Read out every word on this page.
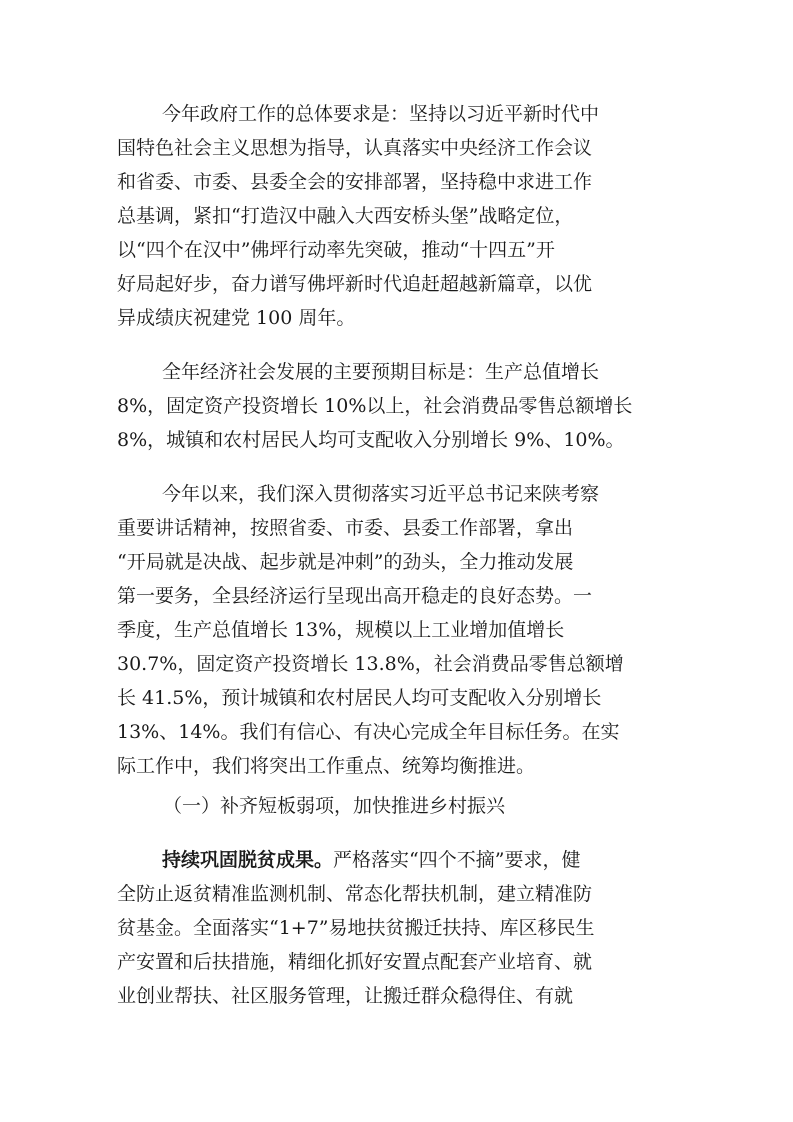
今年政府工作的总体要求是：坚持以习近平新时代中
国特色社会主义思想为指导，认真落实中央经济工作会议
和省委、市委、县委全会的安排部署，坚持稳中求进工作
总基调，紧扣“打造汉中融入大西安桥头堡”战略定位，
以“四个在汉中”佛坪行动率先突破，推动“十四五”开
好局起好步，奋力谱写佛坪新时代追赶超越新篇章，以优
异成绩庆祝建党 100 周年。
全年经济社会发展的主要预期目标是：生产总值增长
8%，固定资产投资增长 10%以上，社会消费品零售总额增长
8%，城镇和农村居民人均可支配收入分别增长 9%、10%。
今年以来，我们深入贯彻落实习近平总书记来陕考察
重要讲话精神，按照省委、市委、县委工作部署，拿出
“开局就是决战、起步就是冲刺”的劲头，全力推动发展
第一要务，全县经济运行呈现出高开稳走的良好态势。一
季度，生产总值增长 13%，规模以上工业增加值增长
30.7%，固定资产投资增长 13.8%，社会消费品零售总额增
长 41.5%，预计城镇和农村居民人均可支配收入分别增长
13%、14%。我们有信心、有决心完成全年目标任务。在实
际工作中，我们将突出工作重点、统筹均衡推进。
（一）补齐短板弱项，加快推进乡村振兴
持续巩固脱贫成果。严格落实“四个不摘”要求，健
全防止返贫精准监测机制、常态化帮扶机制，建立精准防
贫基金。全面落实“1+7”易地扶贫搬迁扶持、库区移民生
产安置和后扶措施，精细化抓好安置点配套产业培育、就
业创业帮扶、社区服务管理，让搬迁群众稳得住、有就
